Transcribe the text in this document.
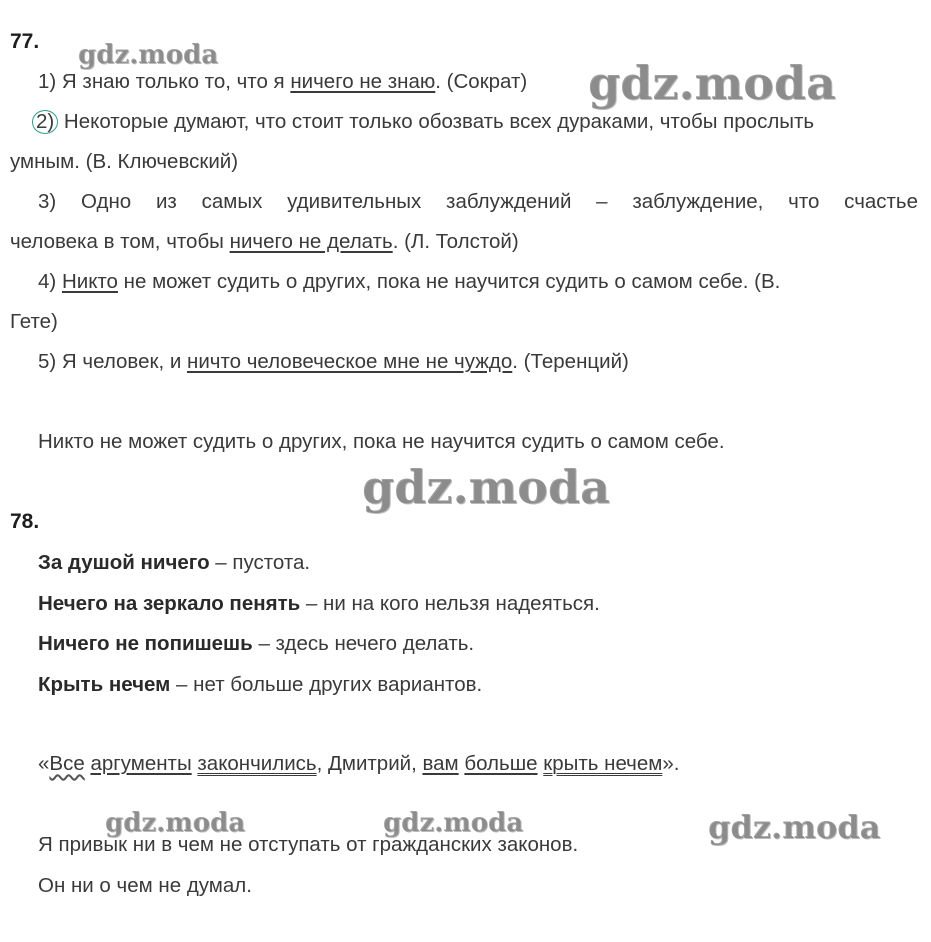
77.
1) Я знаю только то, что я ничего не знаю. (Сократ)
2) Некоторые думают, что стоит только обозвать всех дураками, чтобы прослыть
умным. (В. Ключевский)
3) Одно из самых удивительных заблуждений – заблуждение, что счастье
человека в том, чтобы ничего не делать. (Л. Толстой)
4) Никто не может судить о других, пока не научится судить о самом себе. (В.
Гете)
5) Я человек, и ничто человеческое мне не чуждо. (Теренций)
Никто не может судить о других, пока не научится судить о самом себе.
78.
За душой ничего – пустота.
Нечего на зеркало пенять – ни на кого нельзя надеяться.
Ничего не попишешь – здесь нечего делать.
Крыть нечем – нет больше других вариантов.
«Все аргументы закончились, Дмитрий, вам больше крыть нечем».
Я привык ни в чем не отступать от гражданских законов.
Он ни о чем не думал.
gdz.moda
gdz.moda
gdz.moda
gdz.moda	gdz.moda	gdz.moda
